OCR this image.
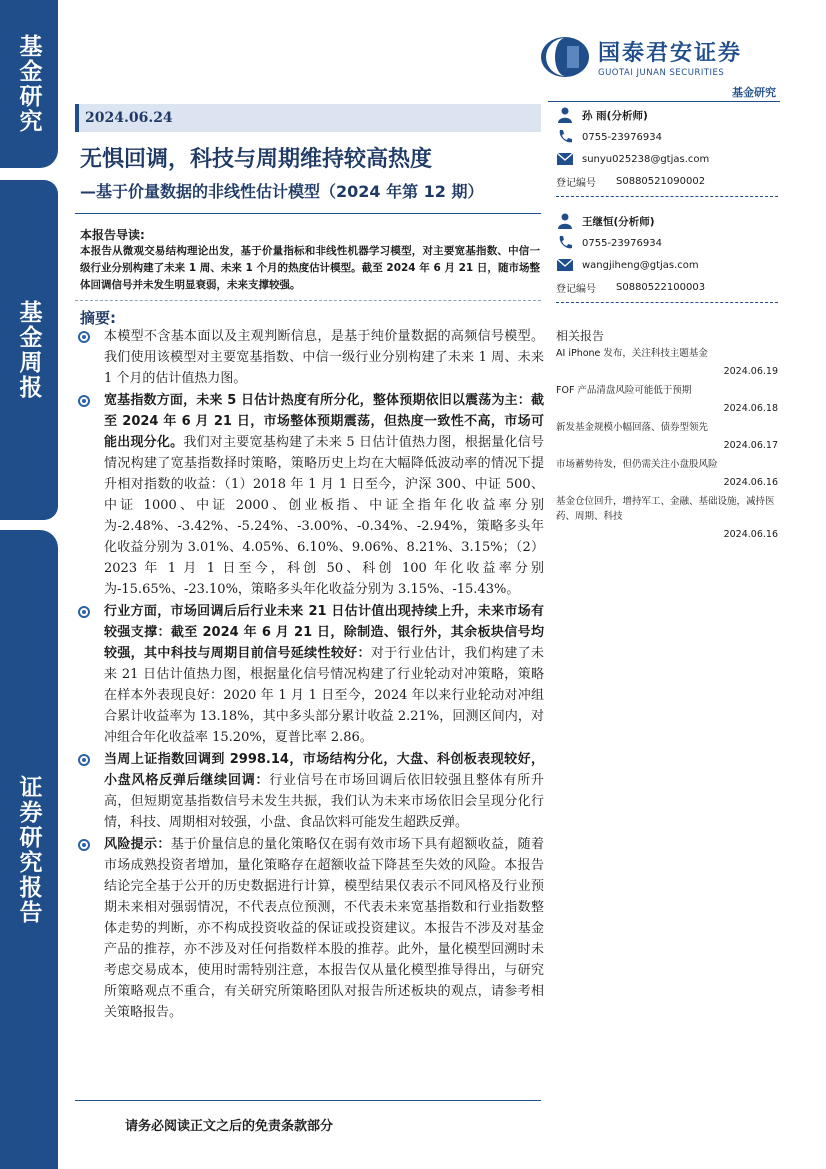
基金研究
基金周报
证券研究报告
国泰君安证券
GUOTAI JUNAN SECURITIES
基金研究
2024.06.24
无惧回调，科技与周期维持较高热度
—基于价量数据的非线性估计模型（2024 年第 12 期）
本报告导读:
本报告从微观交易结构理论出发，基于价量指标和非线性机器学习模型，对主要宽基指数、中信一级行业分别构建了未来 1 周、未来 1 个月的热度估计模型。截至 2024 年 6 月 21 日，随市场整体回调信号并未发生明显衰弱，未来支撑较强。
摘要:
本模型不含基本面以及主观判断信息，是基于纯价量数据的高频信号模型。我们使用该模型对主要宽基指数、中信一级行业分别构建了未来 1 周、未来 1 个月的估计值热力图。
宽基指数方面，未来 5 日估计热度有所分化，整体预期依旧以震荡为主：截至 2024 年 6 月 21 日，市场整体预期震荡，但热度一致性不高，市场可能出现分化。我们对主要宽基构建了未来 5 日估计值热力图，根据量化信号情况构建了宽基指数择时策略，策略历史上均在大幅降低波动率的情况下提升相对指数的收益：（1）2018 年 1 月 1 日至今，沪深 300、中证 500、中证 1000、中证 2000、创业板指、中证全指年化收益率分别为-2.48%、-3.42%、-5.24%、-3.00%、-0.34%、-2.94%，策略多头年化收益分别为 3.01%、4.05%、6.10%、9.06%、8.21%、3.15%；（2）2023 年 1 月 1 日至今，科创 50、科创 100 年化收益率分别为-15.65%、-23.10%，策略多头年化收益分别为 3.15%、-15.43%。
行业方面，市场回调后后行业未来 21 日估计值出现持续上升，未来市场有较强支撑：截至 2024 年 6 月 21 日，除制造、银行外，其余板块信号均较强，其中科技与周期目前信号延续性较好：对于行业估计，我们构建了未来 21 日估计值热力图，根据量化信号情况构建了行业轮动对冲策略，策略在样本外表现良好：2020 年 1 月 1 日至今，2024 年以来行业轮动对冲组合累计收益率为 13.18%，其中多头部分累计收益 2.21%，回测区间内，对冲组合年化收益率 15.20%，夏普比率 2.86。
当周上证指数回调到 2998.14，市场结构分化，大盘、科创板表现较好，小盘风格反弹后继续回调：行业信号在市场回调后依旧较强且整体有所升高，但短期宽基指数信号未发生共振，我们认为未来市场依旧会呈现分化行情，科技、周期相对较强，小盘、食品饮料可能发生超跌反弹。
风险提示：基于价量信息的量化策略仅在弱有效市场下具有超额收益，随着市场成熟投资者增加，量化策略存在超额收益下降甚至失效的风险。本报告结论完全基于公开的历史数据进行计算，模型结果仅表示不同风格及行业预期未来相对强弱情况，不代表点位预测，不代表未来宽基指数和行业指数整体走势的判断，亦不构成投资收益的保证或投资建议。本报告不涉及对基金产品的推荐，亦不涉及对任何指数样本股的推荐。此外，量化模型回溯时未考虑交易成本，使用时需特别注意，本报告仅从量化模型推导得出，与研究所策略观点不重合，有关研究所策略团队对报告所述板块的观点，请参考相关策略报告。
请务必阅读正文之后的免责条款部分
孙 雨(分析师)
0755-23976934
sunyu025238@gtjas.com
登记编号	S0880521090002
王继恒(分析师)
0755-23976934
wangjiheng@gtjas.com
登记编号	S0880522100003
相关报告
AI iPhone 发布，关注科技主题基金
2024.06.19
FOF 产品清盘风险可能低于预期
2024.06.18
新发基金规模小幅回落、债券型领先
2024.06.17
市场蓄势待发，但仍需关注小盘股风险
2024.06.16
基金仓位回升，增持军工、金融、基础设施，减持医药、周期、科技
2024.06.16
